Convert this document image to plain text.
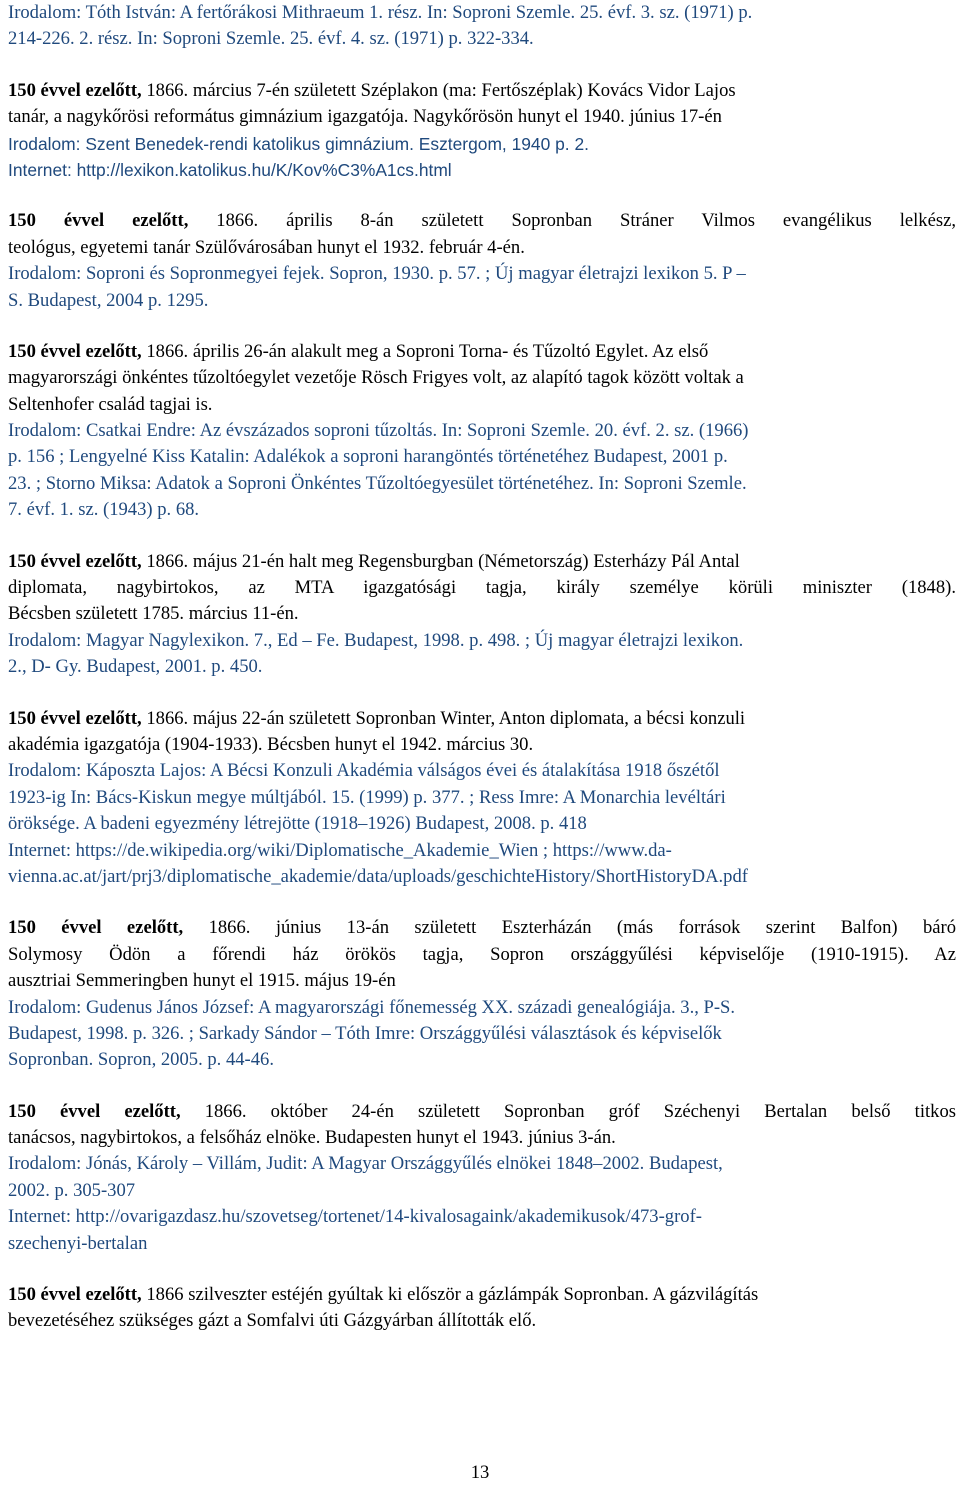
Irodalom: Tóth István: A fertőrákosi Mithraeum 1. rész. In: Soproni Szemle. 25. évf. 3. sz. (1971) p.
214-226. 2. rész. In: Soproni Szemle. 25. évf. 4. sz. (1971) p. 322-334.
150 évvel ezelőtt, 1866. március 7-én született Széplakon (ma: Fertőszéplak) Kovács Vidor Lajos
tanár, a nagykőrösi református gimnázium igazgatója. Nagykőrösön hunyt el 1940. június 17-én
Irodalom: Szent Benedek-rendi katolikus gimnázium. Esztergom, 1940 p. 2.
Internet: http://lexikon.katolikus.hu/K/Kov%C3%A1cs.html
150 évvel ezelőtt, 1866. április 8-án született Sopronban Stráner Vilmos evangélikus lelkész,
teológus, egyetemi tanár Szülővárosában hunyt el 1932. február 4-én.
Irodalom: Soproni és Sopronmegyei fejek. Sopron, 1930. p. 57. ; Új magyar életrajzi lexikon 5. P –
S. Budapest, 2004 p. 1295.
150 évvel ezelőtt, 1866. április 26-án alakult meg a Soproni Torna- és Tűzoltó Egylet. Az első
magyarországi önkéntes tűzoltóegylet vezetője Rösch Frigyes volt, az alapító tagok között voltak a
Seltenhofer család tagjai is.
Irodalom: Csatkai Endre: Az évszázados soproni tűzoltás. In: Soproni Szemle. 20. évf. 2. sz. (1966)
p. 156 ; Lengyelné Kiss Katalin: Adalékok a soproni harangöntés történetéhez Budapest, 2001 p.
23. ; Storno Miksa: Adatok a Soproni Önkéntes Tűzoltóegyesület történetéhez. In: Soproni Szemle.
7. évf. 1. sz. (1943) p. 68.
150 évvel ezelőtt, 1866. május 21-én halt meg Regensburgban (Németország) Esterházy Pál Antal
diplomata, nagybirtokos, az MTA igazgatósági tagja, király személye körüli miniszter (1848).
Bécsben született 1785. március 11-én.
Irodalom: Magyar Nagylexikon. 7., Ed – Fe. Budapest, 1998. p. 498. ; Új magyar életrajzi lexikon.
2., D- Gy. Budapest, 2001. p. 450.
150 évvel ezelőtt, 1866. május 22-án született Sopronban Winter, Anton diplomata, a bécsi konzuli
akadémia igazgatója (1904-1933). Bécsben hunyt el 1942. március 30.
Irodalom: Káposzta Lajos: A Bécsi Konzuli Akadémia válságos évei és átalakítása 1918 őszétől
1923-ig In: Bács-Kiskun megye múltjából. 15. (1999) p. 377. ; Ress Imre: A Monarchia levéltári
öröksége. A badeni egyezmény létrejötte (1918–1926) Budapest, 2008. p. 418
Internet: https://de.wikipedia.org/wiki/Diplomatische_Akademie_Wien ; https://www.da-
vienna.ac.at/jart/prj3/diplomatische_akademie/data/uploads/geschichteHistory/ShortHistoryDA.pdf
150 évvel ezelőtt, 1866. június 13-án született Eszterházán (más források szerint Balfon) báró
Solymosy Ödön a főrendi ház örökös tagja, Sopron országgyűlési képviselője (1910-1915). Az
ausztriai Semmeringben hunyt el 1915. május 19-én
Irodalom: Gudenus János József: A magyarországi főnemesség XX. századi genealógiája. 3., P-S.
Budapest, 1998. p. 326. ; Sarkady Sándor – Tóth Imre: Országgyűlési választások és képviselők
Sopronban. Sopron, 2005. p. 44-46.
150 évvel ezelőtt, 1866. október 24-én született Sopronban gróf Széchenyi Bertalan belső titkos
tanácsos, nagybirtokos, a felsőház elnöke. Budapesten hunyt el 1943. június 3-án.
Irodalom: Jónás, Károly – Villám, Judit: A Magyar Országgyűlés elnökei 1848–2002. Budapest,
2002. p. 305-307
Internet: http://ovarigazdasz.hu/szovetseg/tortenet/14-kivalosagaink/akademikusok/473-grof-
szechenyi-bertalan
150 évvel ezelőtt, 1866 szilveszter estéjén gyúltak ki először a gázlámpák Sopronban. A gázvilágítás
bevezetéséhez szükséges gázt a Somfalvi úti Gázgyárban állították elő.
13
